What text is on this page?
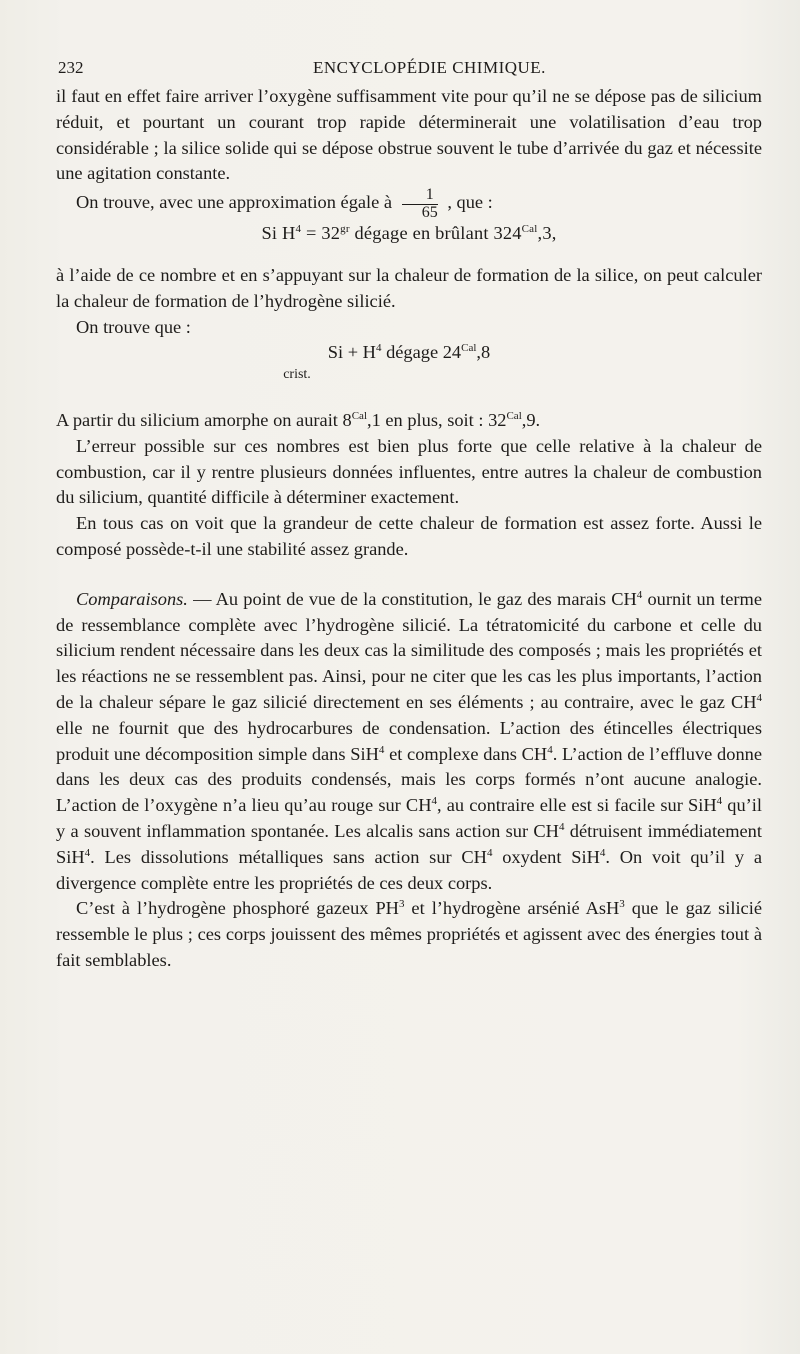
232	ENCYCLOPÉDIE CHIMIQUE.

il faut en effet faire arriver l’oxygène suffisamment vite pour qu’il ne se dépose pas de silicium réduit, et pourtant un courant trop rapide déterminerait une volatilisation d’eau trop considérable ; la silice solide qui se dépose obstrue souvent le tube d’arrivée du gaz et nécessite une agitation constante.

On trouve, avec une approximation égale à $\frac{1}{65}$ , que :

Si $H^4 = 32^{gr}$ dégage en brûlant $324^{Cal},3$,

à l’aide de ce nombre et en s’appuyant sur la chaleur de formation de la silice, on peut calculer la chaleur de formation de l’hydrogène silicié.

On trouve que :

$Si + H^4$ dégage $24^{Cal},8$
crist.

A partir du silicium amorphe on aurait $8^{Cal},1$ en plus, soit : $32^{Cal},9$.

L’erreur possible sur ces nombres est bien plus forte que celle relative à la chaleur de combustion, car il y rentre plusieurs données influentes, entre autres la chaleur de combustion du silicium, quantité difficile à déterminer exactement.

En tous cas on voit que la grandeur de cette chaleur de formation est assez forte. Aussi le composé possède-t-il une stabilité assez grande.

Comparaisons. — Au point de vue de la constitution, le gaz des marais $CH^4$ ournit un terme de ressemblance complète avec l’hydrogène silicié. La tétratomicité du carbone et celle du silicium rendent nécessaire dans les deux cas la similitude des composés ; mais les propriétés et les réactions ne se ressemblent pas. Ainsi, pour ne citer que les cas les plus importants, l’action de la chaleur sépare le gaz silicié directement en ses éléments ; au contraire, avec le gaz $CH^4$ elle ne fournit que des hydrocarbures de condensation. L’action des étincelles électriques produit une décomposition simple dans SiH$^4$ et complexe dans $CH^4$. L’action de l’effluve donne dans les deux cas des produits condensés, mais les corps formés n’ont aucune analogie. L’action de l’oxygène n’a lieu qu’au rouge sur $CH^4$, au contraire elle est si facile sur SiH$^4$ qu’il y a souvent inflammation spontanée. Les alcalis sans action sur $CH^4$ détruisent immédiatement SiH$^4$. Les dissolutions métalliques sans action sur $CH^4$ oxydent SiH$^4$. On voit qu’il y a divergence complète entre les propriétés de ces deux corps.

C’est à l’hydrogène phosphoré gazeux $PH^3$ et l’hydrogène arsénié AsH$^3$ que le gaz silicié ressemble le plus ; ces corps jouissent des mêmes propriétés et agissent avec des énergies tout à fait semblables.
